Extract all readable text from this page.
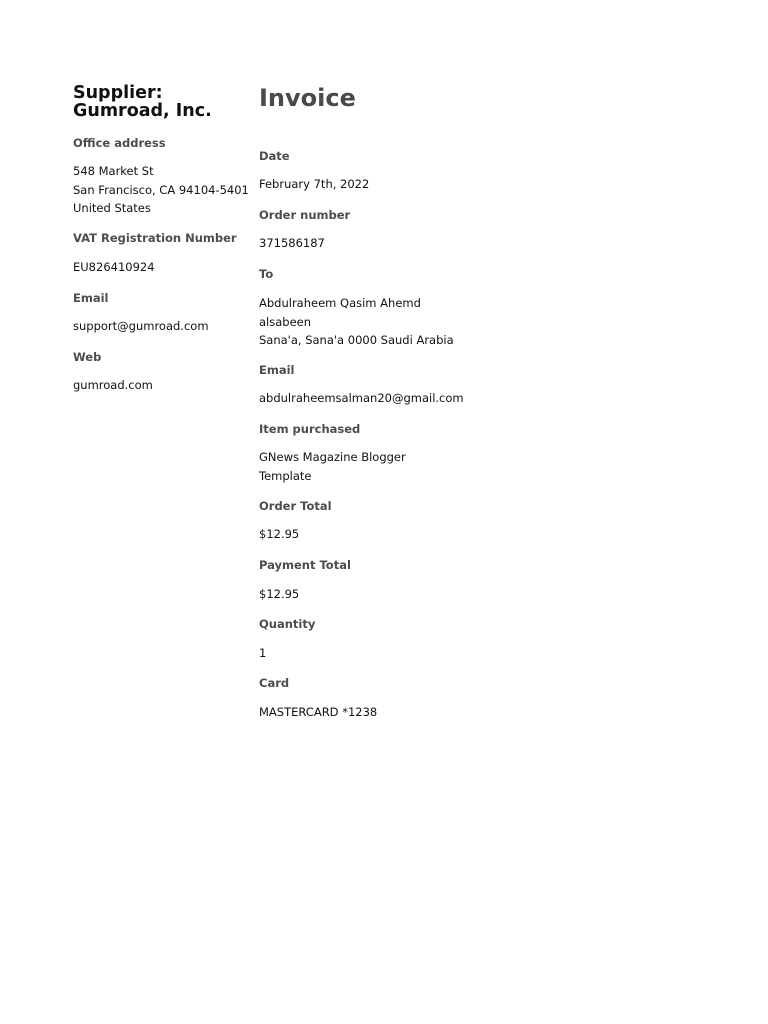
Supplier:
Gumroad, Inc.
Office address
548 Market St
San Francisco, CA 94104-5401
United States
VAT Registration Number
EU826410924
Email
support@gumroad.com
Web
gumroad.com
Invoice
Date
February 7th, 2022
Order number
371586187
To
Abdulraheem Qasim Ahemd
alsabeen
Sana'a, Sana'a 0000 Saudi Arabia
Email
abdulraheemsalman20@gmail.com
Item purchased
GNews Magazine Blogger
Template
Order Total
$12.95
Payment Total
$12.95
Quantity
1
Card
MASTERCARD *1238
